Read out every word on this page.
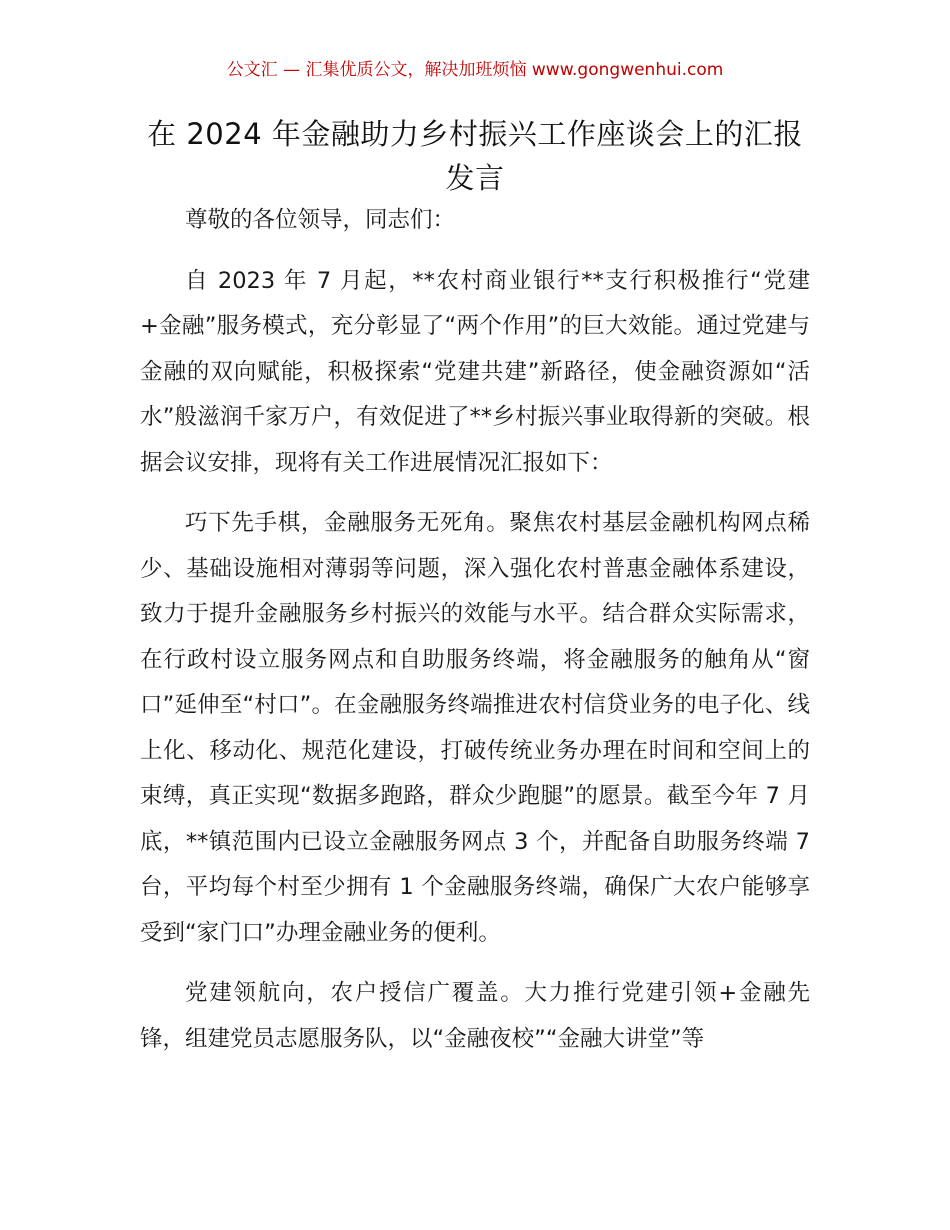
公文汇 — 汇集优质公文，解决加班烦恼 www.gongwenhui.com
在 2024 年金融助力乡村振兴工作座谈会上的汇报发言

尊敬的各位领导，同志们：

自 2023 年 7 月起，**农村商业银行**支行积极推行“党建+金融”服务模式，充分彰显了“两个作用”的巨大效能。通过党建与金融的双向赋能，积极探索“党建共建”新路径，使金融资源如“活水”般滋润千家万户，有效促进了**乡村振兴事业取得新的突破。根据会议安排，现将有关工作进展情况汇报如下：

巧下先手棋，金融服务无死角。聚焦农村基层金融机构网点稀少、基础设施相对薄弱等问题，深入强化农村普惠金融体系建设，致力于提升金融服务乡村振兴的效能与水平。结合群众实际需求，在行政村设立服务网点和自助服务终端，将金融服务的触角从“窗口”延伸至“村口”。在金融服务终端推进农村信贷业务的电子化、线上化、移动化、规范化建设，打破传统业务办理在时间和空间上的束缚，真正实现“数据多跑路，群众少跑腿”的愿景。截至今年 7 月底，**镇范围内已设立金融服务网点 3 个，并配备自助服务终端 7 台，平均每个村至少拥有 1 个金融服务终端，确保广大农户能够享受到“家门口”办理金融业务的便利。

党建领航向，农户授信广覆盖。大力推行党建引领+金融先锋，组建党员志愿服务队，以“金融夜校”“金融大讲堂”等
